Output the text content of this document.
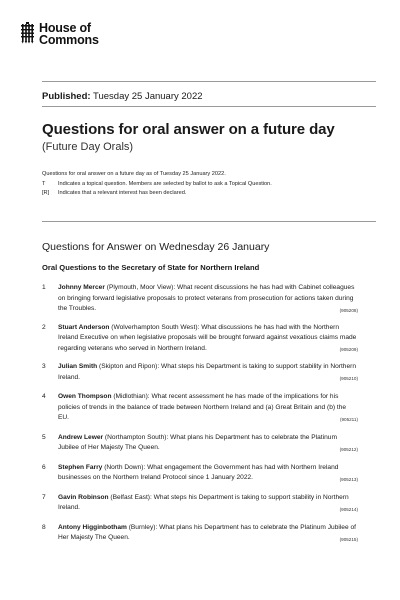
House of
Commons
Published: Tuesday 25 January 2022
Questions for oral answer on a future day
(Future Day Orals)
Questions for oral answer on a future day as of Tuesday 25 January 2022.
T	Indicates a topical question. Members are selected by ballot to ask a Topical Question.
[R]	Indicates that a relevant interest has been declared.
Questions for Answer on Wednesday 26 January
Oral Questions to the Secretary of State for Northern Ireland
1	Johnny Mercer (Plymouth, Moor View): What recent discussions he has had with Cabinet colleagues on bringing forward legislative proposals to protect veterans from prosecution for actions taken during the Troubles.	(905208)
2	Stuart Anderson (Wolverhampton South West): What discussions he has had with the Northern Ireland Executive on when legislative proposals will be brought forward against vexatious claims made regarding veterans who served in Northern Ireland.	(905209)
3	Julian Smith (Skipton and Ripon): What steps his Department is taking to support stability in Northern Ireland.	(905210)
4	Owen Thompson (Midlothian): What recent assessment he has made of the implications for his policies of trends in the balance of trade between Northern Ireland and (a) Great Britain and (b) the EU.	(905211)
5	Andrew Lewer (Northampton South): What plans his Department has to celebrate the Platinum Jubilee of Her Majesty The Queen.	(905212)
6	Stephen Farry (North Down): What engagement the Government has had with Northern Ireland businesses on the Northern Ireland Protocol since 1 January 2022.	(905213)
7	Gavin Robinson (Belfast East): What steps his Department is taking to support stability in Northern Ireland.	(905214)
8	Antony Higginbotham (Burnley): What plans his Department has to celebrate the Platinum Jubilee of Her Majesty The Queen.	(905215)
